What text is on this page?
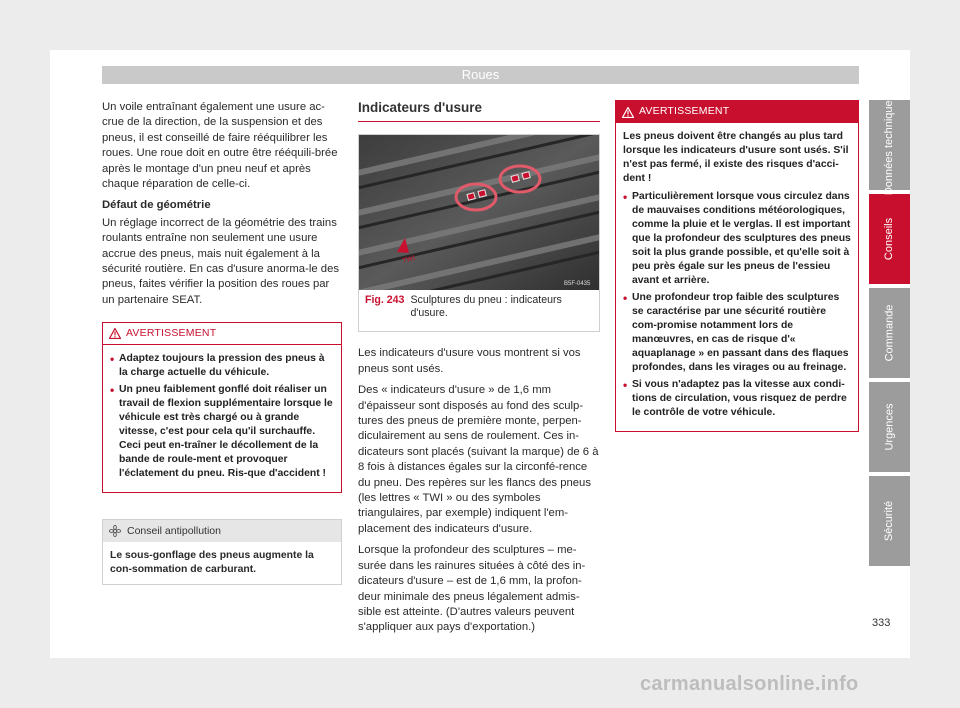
Roues

Un voile entraînant également une usure ac-crue de la direction, de la suspension et des pneus, il est conseillé de faire rééquilibrer les roues. Une roue doit en outre être rééquili-brée après le montage d'un pneu neuf et après chaque réparation de celle-ci.

Défaut de géométrie

Un réglage incorrect de la géométrie des trains roulants entraîne non seulement une usure accrue des pneus, mais nuit également à la sécurité routière. En cas d'usure anorma-le des pneus, faites vérifier la position des roues par un partenaire SEAT.

AVERTISSEMENT
• Adaptez toujours la pression des pneus à la charge actuelle du véhicule.
• Un pneu faiblement gonflé doit réaliser un travail de flexion supplémentaire lorsque le véhicule est très chargé ou à grande vitesse, c'est pour cela qu'il surchauffe. Ceci peut en-traîner le décollement de la bande de roule-ment et provoquer l'éclatement du pneu. Ris-que d'accident !
Conseil antipollution
Le sous-gonflage des pneus augmente la con-sommation de carburant.
Indicateurs d'usure
TWI
B5F-0435
Fig. 243 Sculptures du pneu : indicateurs d'usure.

Les indicateurs d'usure vous montrent si vos pneus sont usés.

Des « indicateurs d'usure » de 1,6 mm d'épaisseur sont disposés au fond des sculp-tures des pneus de première monte, perpen-diculairement au sens de roulement. Ces in-dicateurs sont placés (suivant la marque) de 6 à 8 fois à distances égales sur la circonfé-rence du pneu. Des repères sur les flancs des pneus (les lettres « TWI » ou des symboles triangulaires, par exemple) indiquent l'em-placement des indicateurs d'usure.

Lorsque la profondeur des sculptures – me-surée dans les rainures situées à côté des in-dicateurs d'usure – est de 1,6 mm, la profon-deur minimale des pneus légalement admis-sible est atteinte. (D'autres valeurs peuvent s'appliquer aux pays d'exportation.)

AVERTISSEMENT
Les pneus doivent être changés au plus tard lorsque les indicateurs d'usure sont usés. S'il n'est pas fermé, il existe des risques d'acci-dent !
• Particulièrement lorsque vous circulez dans de mauvaises conditions météorologiques, comme la pluie et le verglas. Il est important que la profondeur des sculptures des pneus soit la plus grande possible, et qu'elle soit à peu près égale sur les pneus de l'essieu avant et arrière.
• Une profondeur trop faible des sculptures se caractérise par une sécurité routière com-promise notamment lors de manœuvres, en cas de risque d'« aquaplanage » en passant dans des flaques profondes, dans les virages ou au freinage.
• Si vous n'adaptez pas la vitesse aux condi-tions de circulation, vous risquez de perdre le contrôle de votre véhicule.
Données techniques
Conseils
Commande
Urgences
Sécurité
333
carmanualsonline.info
